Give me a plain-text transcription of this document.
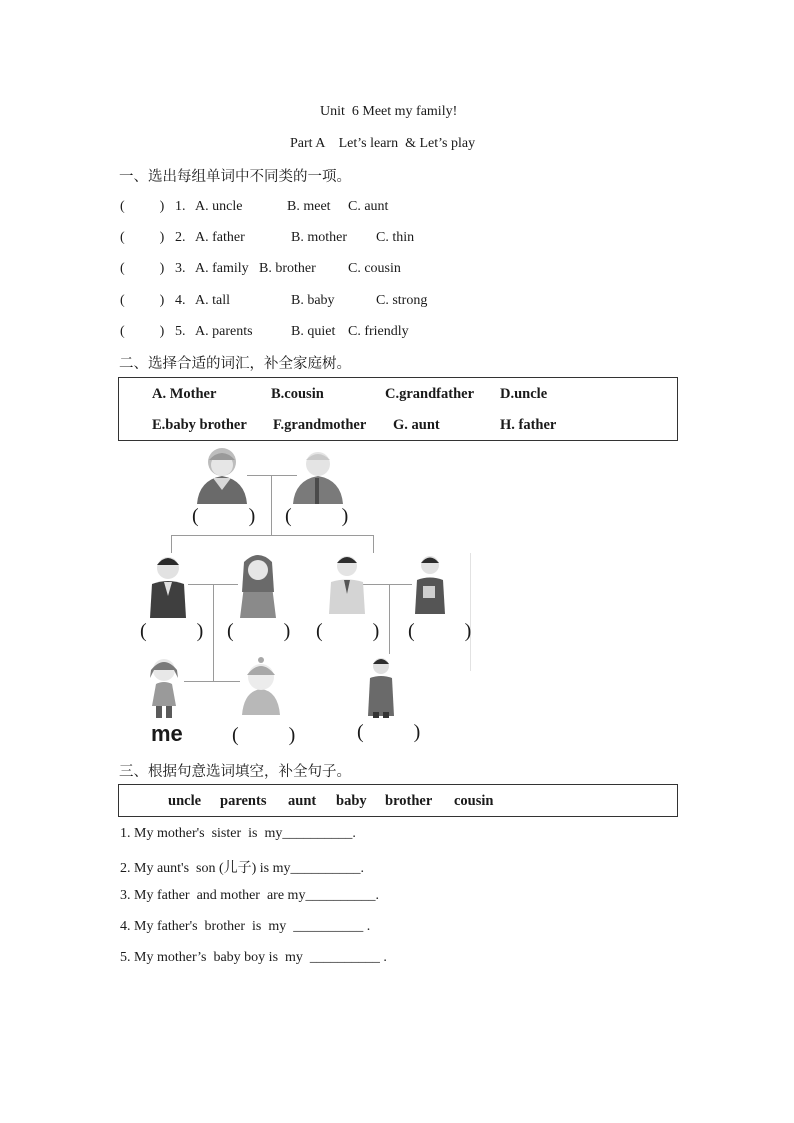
Unit  6 Meet my family!
Part A    Let’s learn  & Let’s play
一、选出每组单词中不同类的一项。
(          ) 1. A. uncle	B. meet C. aunt
(          ) 2. A. father	B. mother C. thin
(          ) 3. A. family B. brother C. cousin
(          ) 4. A. tall	B. baby	C. strong
(          ) 5. A. parents	B. quiet C. friendly
二、选择合适的词汇，补全家庭树。
A. Mother	B.cousin	C.grandfather D.uncle
E.baby brother F.grandmother G. aunt	H. father
(          ) (          )
(          ) (          ) (          ) (          )
me (          )	(          )
三、根据句意选词填空，补全句子。
uncle parents aunt baby brother cousin
1. My mother's  sister  is  my__________.
2. My aunt's  son (儿子) is my__________.
3. My father  and mother  are my__________.
4. My father's  brother  is  my  __________ .
5. My mother’s  baby boy is  my  __________ .
